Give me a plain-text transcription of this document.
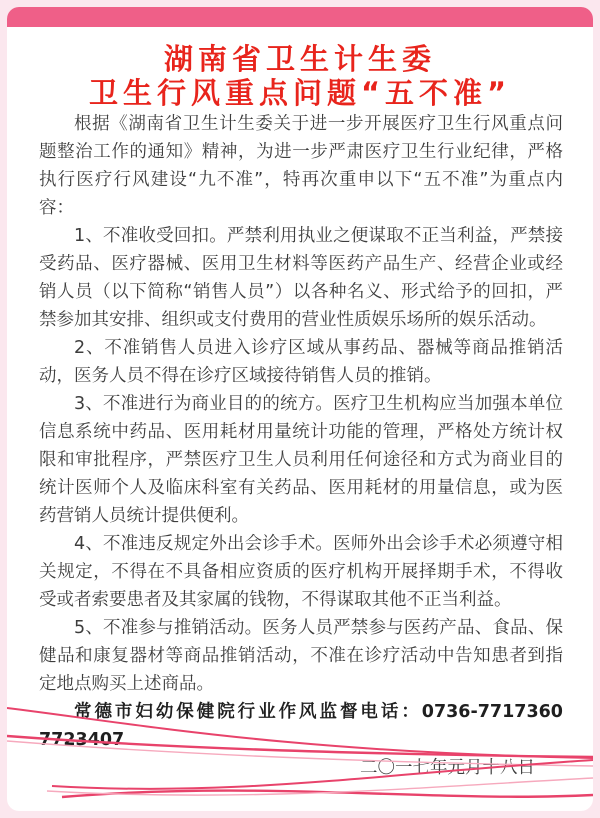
湖南省卫生计生委
卫生行风重点问题“五不准”

根据《湖南省卫生计生委关于进一步开展医疗卫生行风重点问题整治工作的通知》精神，为进一步严肃医疗卫生行业纪律，严格执行医疗行风建设“九不准”，特再次重申以下“五不准”为重点内容：

1、不准收受回扣。严禁利用执业之便谋取不正当利益，严禁接受药品、医疗器械、医用卫生材料等医药产品生产、经营企业或经销人员（以下简称“销售人员”）以各种名义、形式给予的回扣，严禁参加其安排、组织或支付费用的营业性质娱乐场所的娱乐活动。

2、不准销售人员进入诊疗区域从事药品、器械等商品推销活动，医务人员不得在诊疗区域接待销售人员的推销。

3、不准进行为商业目的的统方。医疗卫生机构应当加强本单位信息系统中药品、医用耗材用量统计功能的管理，严格处方统计权限和审批程序，严禁医疗卫生人员利用任何途径和方式为商业目的统计医师个人及临床科室有关药品、医用耗材的用量信息，或为医药营销人员统计提供便利。

4、不准违反规定外出会诊手术。医师外出会诊手术必须遵守相关规定，不得在不具备相应资质的医疗机构开展择期手术，不得收受或者索要患者及其家属的钱物，不得谋取其他不正当利益。

5、不准参与推销活动。医务人员严禁参与医药产品、食品、保健品和康复器材等商品推销活动，不准在诊疗活动中告知患者到指定地点购买上述商品。

常德市妇幼保健院行业作风监督电话：0736-7717360　7723407

二〇一七年元月十八日
